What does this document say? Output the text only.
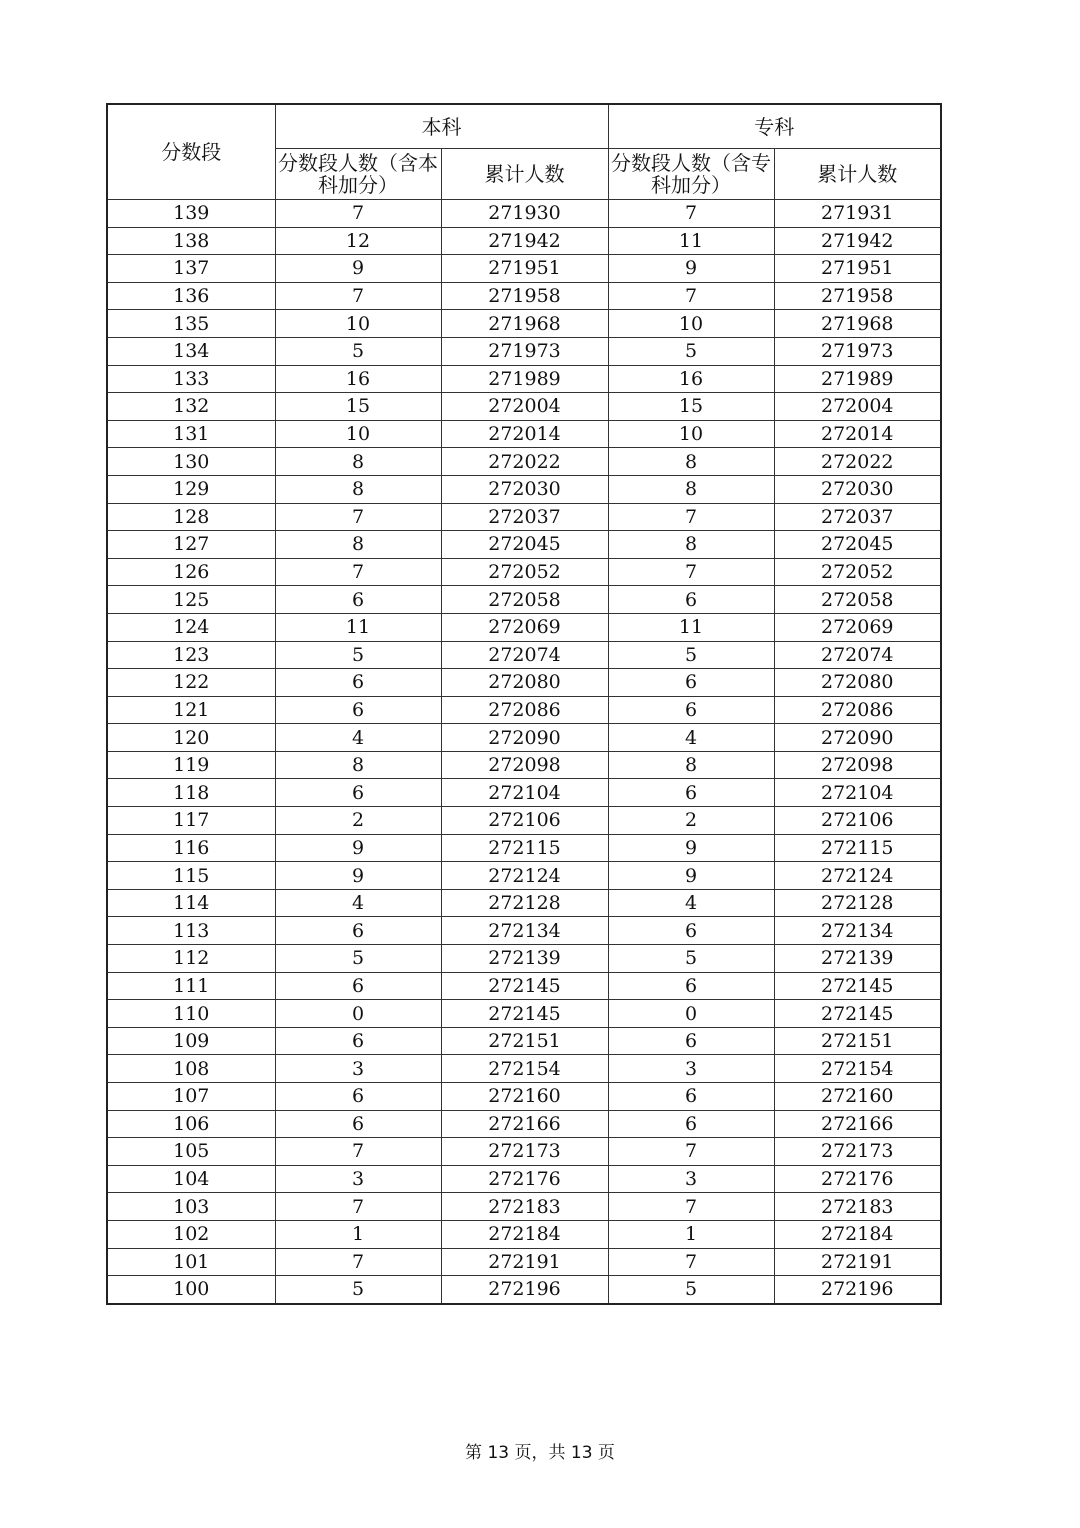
分数段	本科		专科	
	分数段人数（含本科加分）	累计人数	分数段人数（含专科加分）	累计人数
139	7	271930	7	271931
138	12	271942	11	271942
137	9	271951	9	271951
136	7	271958	7	271958
135	10	271968	10	271968
134	5	271973	5	271973
133	16	271989	16	271989
132	15	272004	15	272004
131	10	272014	10	272014
130	8	272022	8	272022
129	8	272030	8	272030
128	7	272037	7	272037
127	8	272045	8	272045
126	7	272052	7	272052
125	6	272058	6	272058
124	11	272069	11	272069
123	5	272074	5	272074
122	6	272080	6	272080
121	6	272086	6	272086
120	4	272090	4	272090
119	8	272098	8	272098
118	6	272104	6	272104
117	2	272106	2	272106
116	9	272115	9	272115
115	9	272124	9	272124
114	4	272128	4	272128
113	6	272134	6	272134
112	5	272139	5	272139
111	6	272145	6	272145
110	0	272145	0	272145
109	6	272151	6	272151
108	3	272154	3	272154
107	6	272160	6	272160
106	6	272166	6	272166
105	7	272173	7	272173
104	3	272176	3	272176
103	7	272183	7	272183
102	1	272184	1	272184
101	7	272191	7	272191
100	5	272196	5	272196
第 13 页，共 13 页
